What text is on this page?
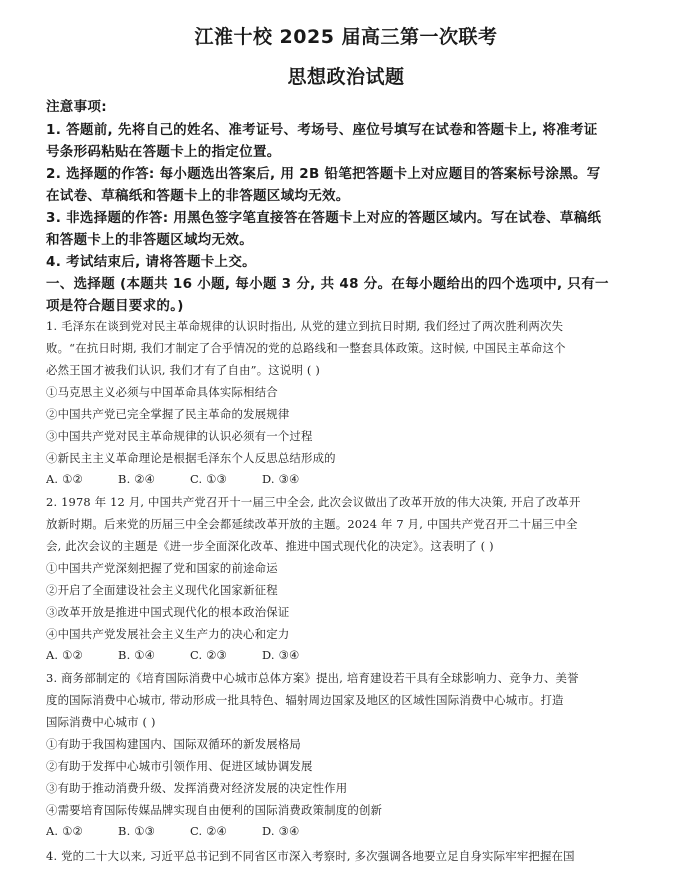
江淮十校 2025 届高三第一次联考
思想政治试题
注意事项:
1. 答题前, 先将自己的姓名、准考证号、考场号、座位号填写在试卷和答题卡上, 将准考证
号条形码粘贴在答题卡上的指定位置。
2. 选择题的作答: 每小题选出答案后, 用 2B 铅笔把答题卡上对应题目的答案标号涂黑。写
在试卷、草稿纸和答题卡上的非答题区域均无效。
3. 非选择题的作答: 用黑色签字笔直接答在答题卡上对应的答题区域内。写在试卷、草稿纸
和答题卡上的非答题区域均无效。
4. 考试结束后, 请将答题卡上交。
一、选择题 (本题共 16 小题, 每小题 3 分, 共 48 分。在每小题给出的四个选项中, 只有一
项是符合题目要求的。)
1. 毛泽东在谈到党对民主革命规律的认识时指出, 从党的建立到抗日时期, 我们经过了两次胜利两次失
败。“在抗日时期, 我们才制定了合乎情况的党的总路线和一整套具体政策。这时候, 中国民主革命这个
必然王国才被我们认识, 我们才有了自由”。这说明 ( )
①马克思主义必须与中国革命具体实际相结合
②中国共产党已完全掌握了民主革命的发展规律
③中国共产党对民主革命规律的认识必须有一个过程
④新民主主义革命理论是根据毛泽东个人反思总结形成的
A. ①②	B. ②④	C. ①③	D. ③④
2. 1978 年 12 月, 中国共产党召开十一届三中全会, 此次会议做出了改革开放的伟大决策, 开启了改革开
放新时期。后来党的历届三中全会都延续改革开放的主题。2024 年 7 月, 中国共产党召开二十届三中全
会, 此次会议的主题是《进一步全面深化改革、推进中国式现代化的决定》。这表明了 ( )
①中国共产党深刻把握了党和国家的前途命运
②开启了全面建设社会主义现代化国家新征程
③改革开放是推进中国式现代化的根本政治保证
④中国共产党发展社会主义生产力的决心和定力
A. ①②	B. ①④	C. ②③	D. ③④
3. 商务部制定的《培育国际消费中心城市总体方案》提出, 培育建设若干具有全球影响力、竞争力、美誉
度的国际消费中心城市, 带动形成一批具特色、辐射周边国家及地区的区域性国际消费中心城市。打造
国际消费中心城市 ( )
①有助于我国构建国内、国际双循环的新发展格局
②有助于发挥中心城市引领作用、促进区域协调发展
③有助于推动消费升级、发挥消费对经济发展的决定性作用
④需要培育国际传媒品牌实现自由便利的国际消费政策制度的创新
A. ①②	B. ①③	C. ②④	D. ③④
4. 党的二十大以来, 习近平总书记到不同省区市深入考察时, 多次强调各地要立足自身实际牢牢把握在国
